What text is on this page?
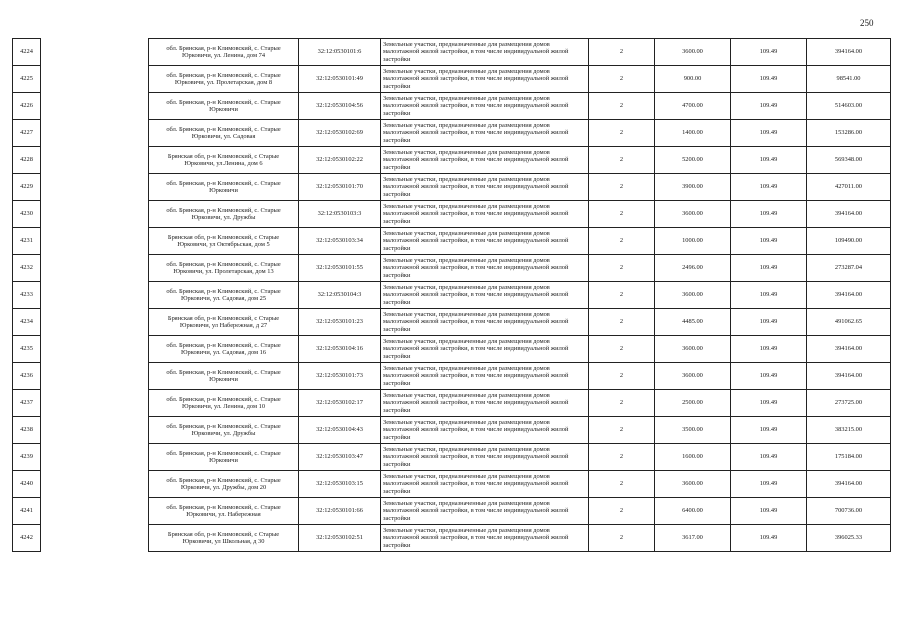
250
4224		обл. Брянская, р-н Климовский, с. Старые Юрковичи, ул. Ленина, дом 74	32:12:0530101:6	Земельные участки, предназначенные для размещения домов малоэтажной жилой застройки, в том числе индивидуальной жилой застройки	2	3600.00	109.49	394164.00
4225		обл. Брянская, р-н Климовский, с. Старые Юрковичи, ул. Пролетарская, дом 8	32:12:0530101:49	Земельные участки, предназначенные для размещения домов малоэтажной жилой застройки, в том числе индивидуальной жилой застройки	2	900.00	109.49	98541.00
4226		обл. Брянская, р-н Климовский, с. Старые Юрковичи	32:12:0530104:56	Земельные участки, предназначенные для размещения домов малоэтажной жилой застройки, в том числе индивидуальной жилой застройки	2	4700.00	109.49	514603.00
4227		обл. Брянская, р-н Климовский, с. Старые Юрковичи, ул. Садовая	32:12:0530102:69	Земельные участки, предназначенные для размещения домов малоэтажной жилой застройки, в том числе индивидуальной жилой застройки	2	1400.00	109.49	153286.00
4228		Брянская обл, р-н Климовский, с Старые Юрковичи, ул.Ленина, дом 6	32:12:0530102:22	Земельные участки, предназначенные для размещения домов малоэтажной жилой застройки, в том числе индивидуальной жилой застройки	2	5200.00	109.49	569348.00
4229		обл. Брянская, р-н Климовский, с. Старые Юрковичи	32:12:0530101:70	Земельные участки, предназначенные для размещения домов малоэтажной жилой застройки, в том числе индивидуальной жилой застройки	2	3900.00	109.49	427011.00
4230		обл. Брянская, р-н Климовский, с. Старые Юрковичи, ул. Дружбы	32:12:0530103:3	Земельные участки, предназначенные для размещения домов малоэтажной жилой застройки, в том числе индивидуальной жилой застройки	2	3600.00	109.49	394164.00
4231		Брянская обл, р-н Климовский, с Старые Юрковичи, ул Октябрьская, дом 5	32:12:0530103:34	Земельные участки, предназначенные для размещения домов малоэтажной жилой застройки, в том числе индивидуальной жилой застройки	2	1000.00	109.49	109490.00
4232		обл. Брянская, р-н Климовский, с. Старые Юрковичи, ул. Пролетарская, дом 13	32:12:0530101:55	Земельные участки, предназначенные для размещения домов малоэтажной жилой застройки, в том числе индивидуальной жилой застройки	2	2496.00	109.49	273287.04
4233		обл. Брянская, р-н Климовский, с. Старые Юрковичи, ул. Садовая, дом 25	32:12:0530104:3	Земельные участки, предназначенные для размещения домов малоэтажной жилой застройки, в том числе индивидуальной жилой застройки	2	3600.00	109.49	394164.00
4234		Брянская обл, р-н Климовский, с Старые Юрковичи, ул Набережная, д 27	32:12:0530101:23	Земельные участки, предназначенные для размещения домов малоэтажной жилой застройки, в том числе индивидуальной жилой застройки	2	4485.00	109.49	491062.65
4235		обл. Брянская, р-н Климовский, с. Старые Юрковичи, ул. Садовая, дом 16	32:12:0530104:16	Земельные участки, предназначенные для размещения домов малоэтажной жилой застройки, в том числе индивидуальной жилой застройки	2	3600.00	109.49	394164.00
4236		обл. Брянская, р-н Климовский, с. Старые Юрковичи	32:12:0530101:73	Земельные участки, предназначенные для размещения домов малоэтажной жилой застройки, в том числе индивидуальной жилой застройки	2	3600.00	109.49	394164.00
4237		обл. Брянская, р-н Климовский, с. Старые Юрковичи, ул. Ленина, дом 10	32:12:0530102:17	Земельные участки, предназначенные для размещения домов малоэтажной жилой застройки, в том числе индивидуальной жилой застройки	2	2500.00	109.49	273725.00
4238		обл. Брянская, р-н Климовский, с. Старые Юрковичи, ул. Дружбы	32:12:0530104:43	Земельные участки, предназначенные для размещения домов малоэтажной жилой застройки, в том числе индивидуальной жилой застройки	2	3500.00	109.49	383215.00
4239		обл. Брянская, р-н Климовский, с. Старые Юрковичи	32:12:0530103:47	Земельные участки, предназначенные для размещения домов малоэтажной жилой застройки, в том числе индивидуальной жилой застройки	2	1600.00	109.49	175184.00
4240		обл. Брянская, р-н Климовский, с. Старые Юрковичи, ул. Дружбы, дом 20	32:12:0530103:15	Земельные участки, предназначенные для размещения домов малоэтажной жилой застройки, в том числе индивидуальной жилой застройки	2	3600.00	109.49	394164.00
4241		обл. Брянская, р-н Климовский, с. Старые Юрковичи, ул. Набережная	32:12:0530101:66	Земельные участки, предназначенные для размещения домов малоэтажной жилой застройки, в том числе индивидуальной жилой застройки	2	6400.00	109.49	700736.00
4242		Брянская обл, р-н Климовский, с Старые Юрковичи, ул Школьная, д 30	32:12:0530102:51	Земельные участки, предназначенные для размещения домов малоэтажной жилой застройки, в том числе индивидуальной жилой застройки	2	3617.00	109.49	396025.33
